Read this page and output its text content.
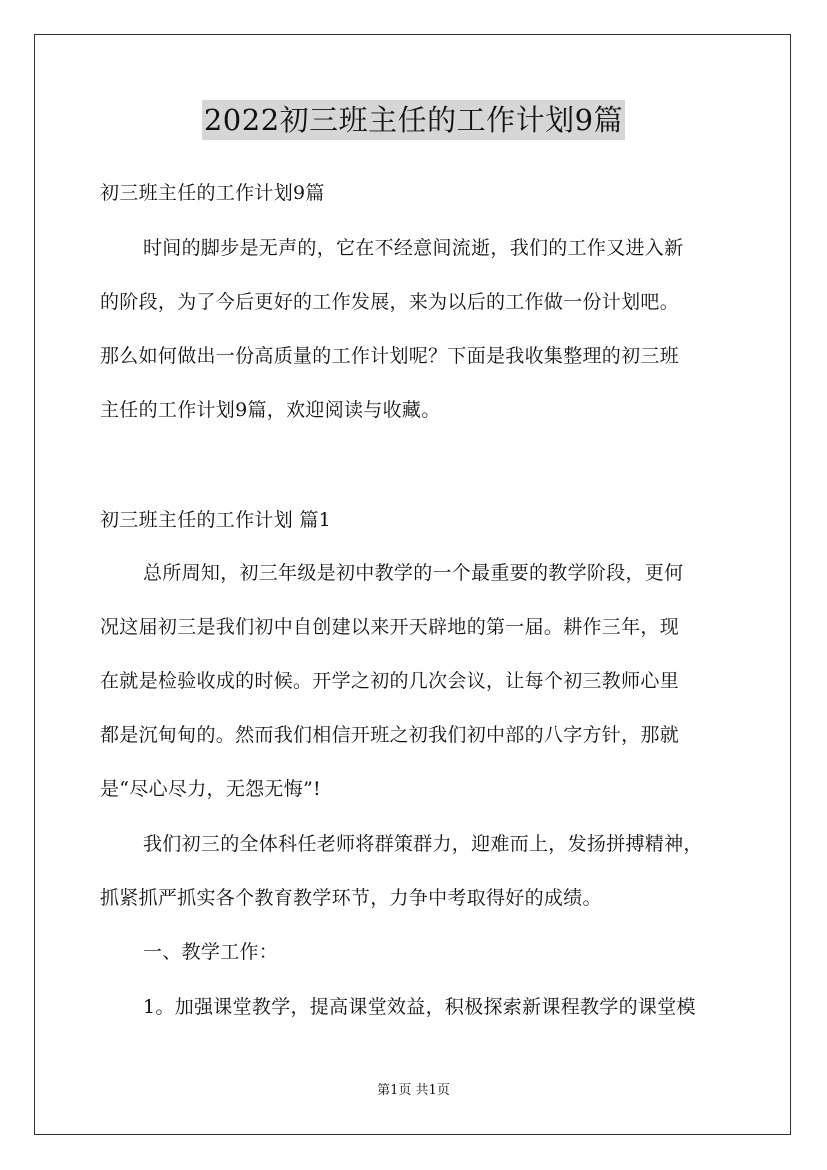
2022初三班主任的工作计划9篇
初三班主任的工作计划9篇
时间的脚步是无声的，它在不经意间流逝，我们的工作又进入新
的阶段，为了今后更好的工作发展，来为以后的工作做一份计划吧。
那么如何做出一份高质量的工作计划呢？下面是我收集整理的初三班
主任的工作计划9篇，欢迎阅读与收藏。
初三班主任的工作计划 篇1
总所周知，初三年级是初中教学的一个最重要的教学阶段，更何
况这届初三是我们初中自创建以来开天辟地的第一届。耕作三年，现
在就是检验收成的时候。开学之初的几次会议，让每个初三教师心里
都是沉甸甸的。然而我们相信开班之初我们初中部的八字方针，那就
是“尽心尽力，无怨无悔”!
我们初三的全体科任老师将群策群力，迎难而上，发扬拼搏精神，
抓紧抓严抓实各个教育教学环节，力争中考取得好的成绩。
一、教学工作：
1。加强课堂教学，提高课堂效益，积极探索新课程教学的课堂模
第1页 共1页
